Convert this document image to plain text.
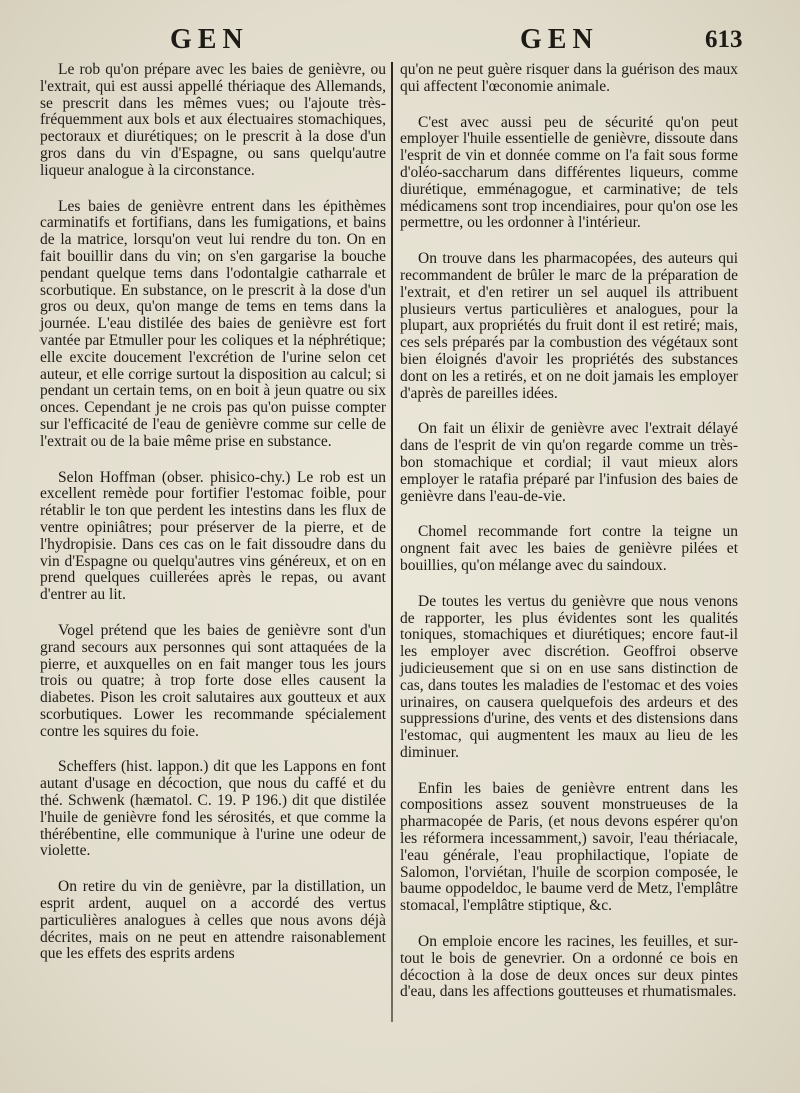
GEN	GEN	613

Le rob qu'on prépare avec les baies de genièvre, ou l'extrait, qui est aussi appellé thériaque des Allemands, se prescrit dans les mêmes vues; ou l'ajoute très-fréquemment aux bols et aux électuaires stomachiques, pectoraux et diurétiques; on le prescrit à la dose d'un gros dans du vin d'Espagne, ou sans quelqu'autre liqueur analogue à la circonstance.

Les baies de genièvre entrent dans les épithèmes carminatifs et fortifians, dans les fumigations, et bains de la matrice, lorsqu'on veut lui rendre du ton. On en fait bouillir dans du vin; on s'en gargarise la bouche pendant quelque tems dans l'odontalgie catharrale et scorbutique. En substance, on le prescrit à la dose d'un gros ou deux, qu'on mange de tems en tems dans la journée. L'eau distilée des baies de genièvre est fort vantée par Etmuller pour les coliques et la néphrétique; elle excite doucement l'excrétion de l'urine selon cet auteur, et elle corrige surtout la disposition au calcul; si pendant un certain tems, on en boit à jeun quatre ou six onces. Cependant je ne crois pas qu'on puisse compter sur l'efficacité de l'eau de genièvre comme sur celle de l'extrait ou de la baie même prise en substance.

Selon Hoffman (obser. phisico-chy.) Le rob est un excellent remède pour fortifier l'estomac foible, pour rétablir le ton que perdent les intestins dans les flux de ventre opiniâtres; pour préserver de la pierre, et de l'hydropisie. Dans ces cas on le fait dissoudre dans du vin d'Espagne ou quelqu'autres vins généreux, et on en prend quelques cuillerées après le repas, ou avant d'entrer au lit.

Vogel prétend que les baies de genièvre sont d'un grand secours aux personnes qui sont attaquées de la pierre, et auxquelles on en fait manger tous les jours trois ou quatre; à trop forte dose elles causent la diabetes. Pison les croit salutaires aux goutteux et aux scorbutiques. Lower les recommande spécialement contre les squires du foie.

Scheffers (hist. lappon.) dit que les Lappons en font autant d'usage en décoction, que nous du caffé et du thé. Schwenk (hæmatol. C. 19. P 196.) dit que distilée l'huile de genièvre fond les sérosités, et que comme la thérébentine, elle communique à l'urine une odeur de violette.

On retire du vin de genièvre, par la distillation, un esprit ardent, auquel on a accordé des vertus particulières analogues à celles que nous avons déjà décrites, mais on ne peut en attendre raisonablement que les effets des esprits ardens

qu'on ne peut guère risquer dans la guérison des maux qui affectent l'œconomie animale.

C'est avec aussi peu de sécurité qu'on peut employer l'huile essentielle de genièvre, dissoute dans l'esprit de vin et donnée comme on l'a fait sous forme d'oléo-saccharum dans différentes liqueurs, comme diurétique, emménagogue, et carminative; de tels médicamens sont trop incendiaires, pour qu'on ose les permettre, ou les ordonner à l'intérieur.

On trouve dans les pharmacopées, des auteurs qui recommandent de brûler le marc de la préparation de l'extrait, et d'en retirer un sel auquel ils attribuent plusieurs vertus particulières et analogues, pour la plupart, aux propriétés du fruit dont il est retiré; mais, ces sels préparés par la combustion des végétaux sont bien éloignés d'avoir les propriétés des substances dont on les a retirés, et on ne doit jamais les employer d'après de pareilles idées.

On fait un élixir de genièvre avec l'extrait délayé dans de l'esprit de vin qu'on regarde comme un très-bon stomachique et cordial; il vaut mieux alors employer le ratafia préparé par l'infusion des baies de genièvre dans l'eau-de-vie.

Chomel recommande fort contre la teigne un ongnent fait avec les baies de genièvre pilées et bouillies, qu'on mélange avec du saindoux.

De toutes les vertus du genièvre que nous venons de rapporter, les plus évidentes sont les qualités toniques, stomachiques et diurétiques; encore faut-il les employer avec discrétion. Geoffroi observe judicieusement que si on en use sans distinction de cas, dans toutes les maladies de l'estomac et des voies urinaires, on causera quelquefois des ardeurs et des suppressions d'urine, des vents et des distensions dans l'estomac, qui augmentent les maux au lieu de les diminuer.

Enfin les baies de genièvre entrent dans les compositions assez souvent monstrueuses de la pharmacopée de Paris, (et nous devons espérer qu'on les réformera incessamment,) savoir, l'eau thériacale, l'eau générale, l'eau prophilactique, l'opiate de Salomon, l'orviétan, l'huile de scorpion composée, le baume oppodeldoc, le baume verd de Metz, l'emplâtre stomacal, l'emplâtre stiptique, &c.

On emploie encore les racines, les feuilles, et sur-tout le bois de genevrier. On a ordonné ce bois en décoction à la dose de deux onces sur deux pintes d'eau, dans les affections goutteuses et rhumatismales.
